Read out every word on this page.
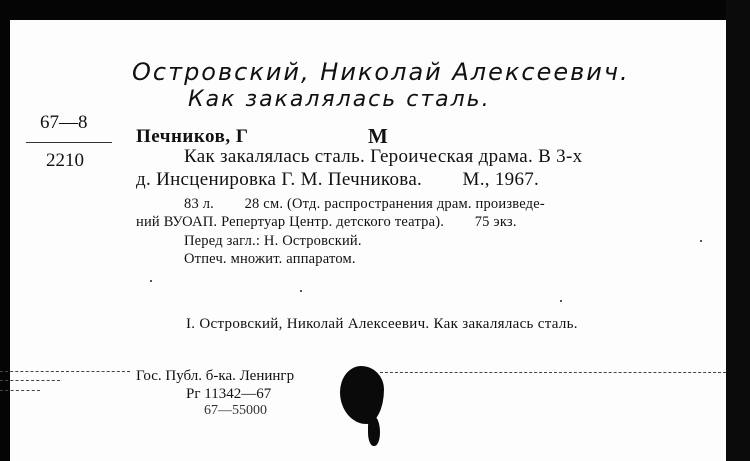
Островский, Николай Алексеевич.
Как закалялась сталь.
67—8
2210
Печников, Г	М
Как закалялась сталь. Героическая драма. В 3-х
д. Инсценировка Г. М. Печникова.        М., 1967.
83 л.        28 см. (Отд. распространения драм. произведе-
ний ВУОАП. Репертуар Центр. детского театра).        75 экз.
Перед загл.: Н. Островский.
Отпеч. множит. аппаратом.
I. Островский, Николай Алексеевич. Как закалялась сталь.
Гос. Публ. б-ка. Ленингр
Рг 11342—67
67—55000
